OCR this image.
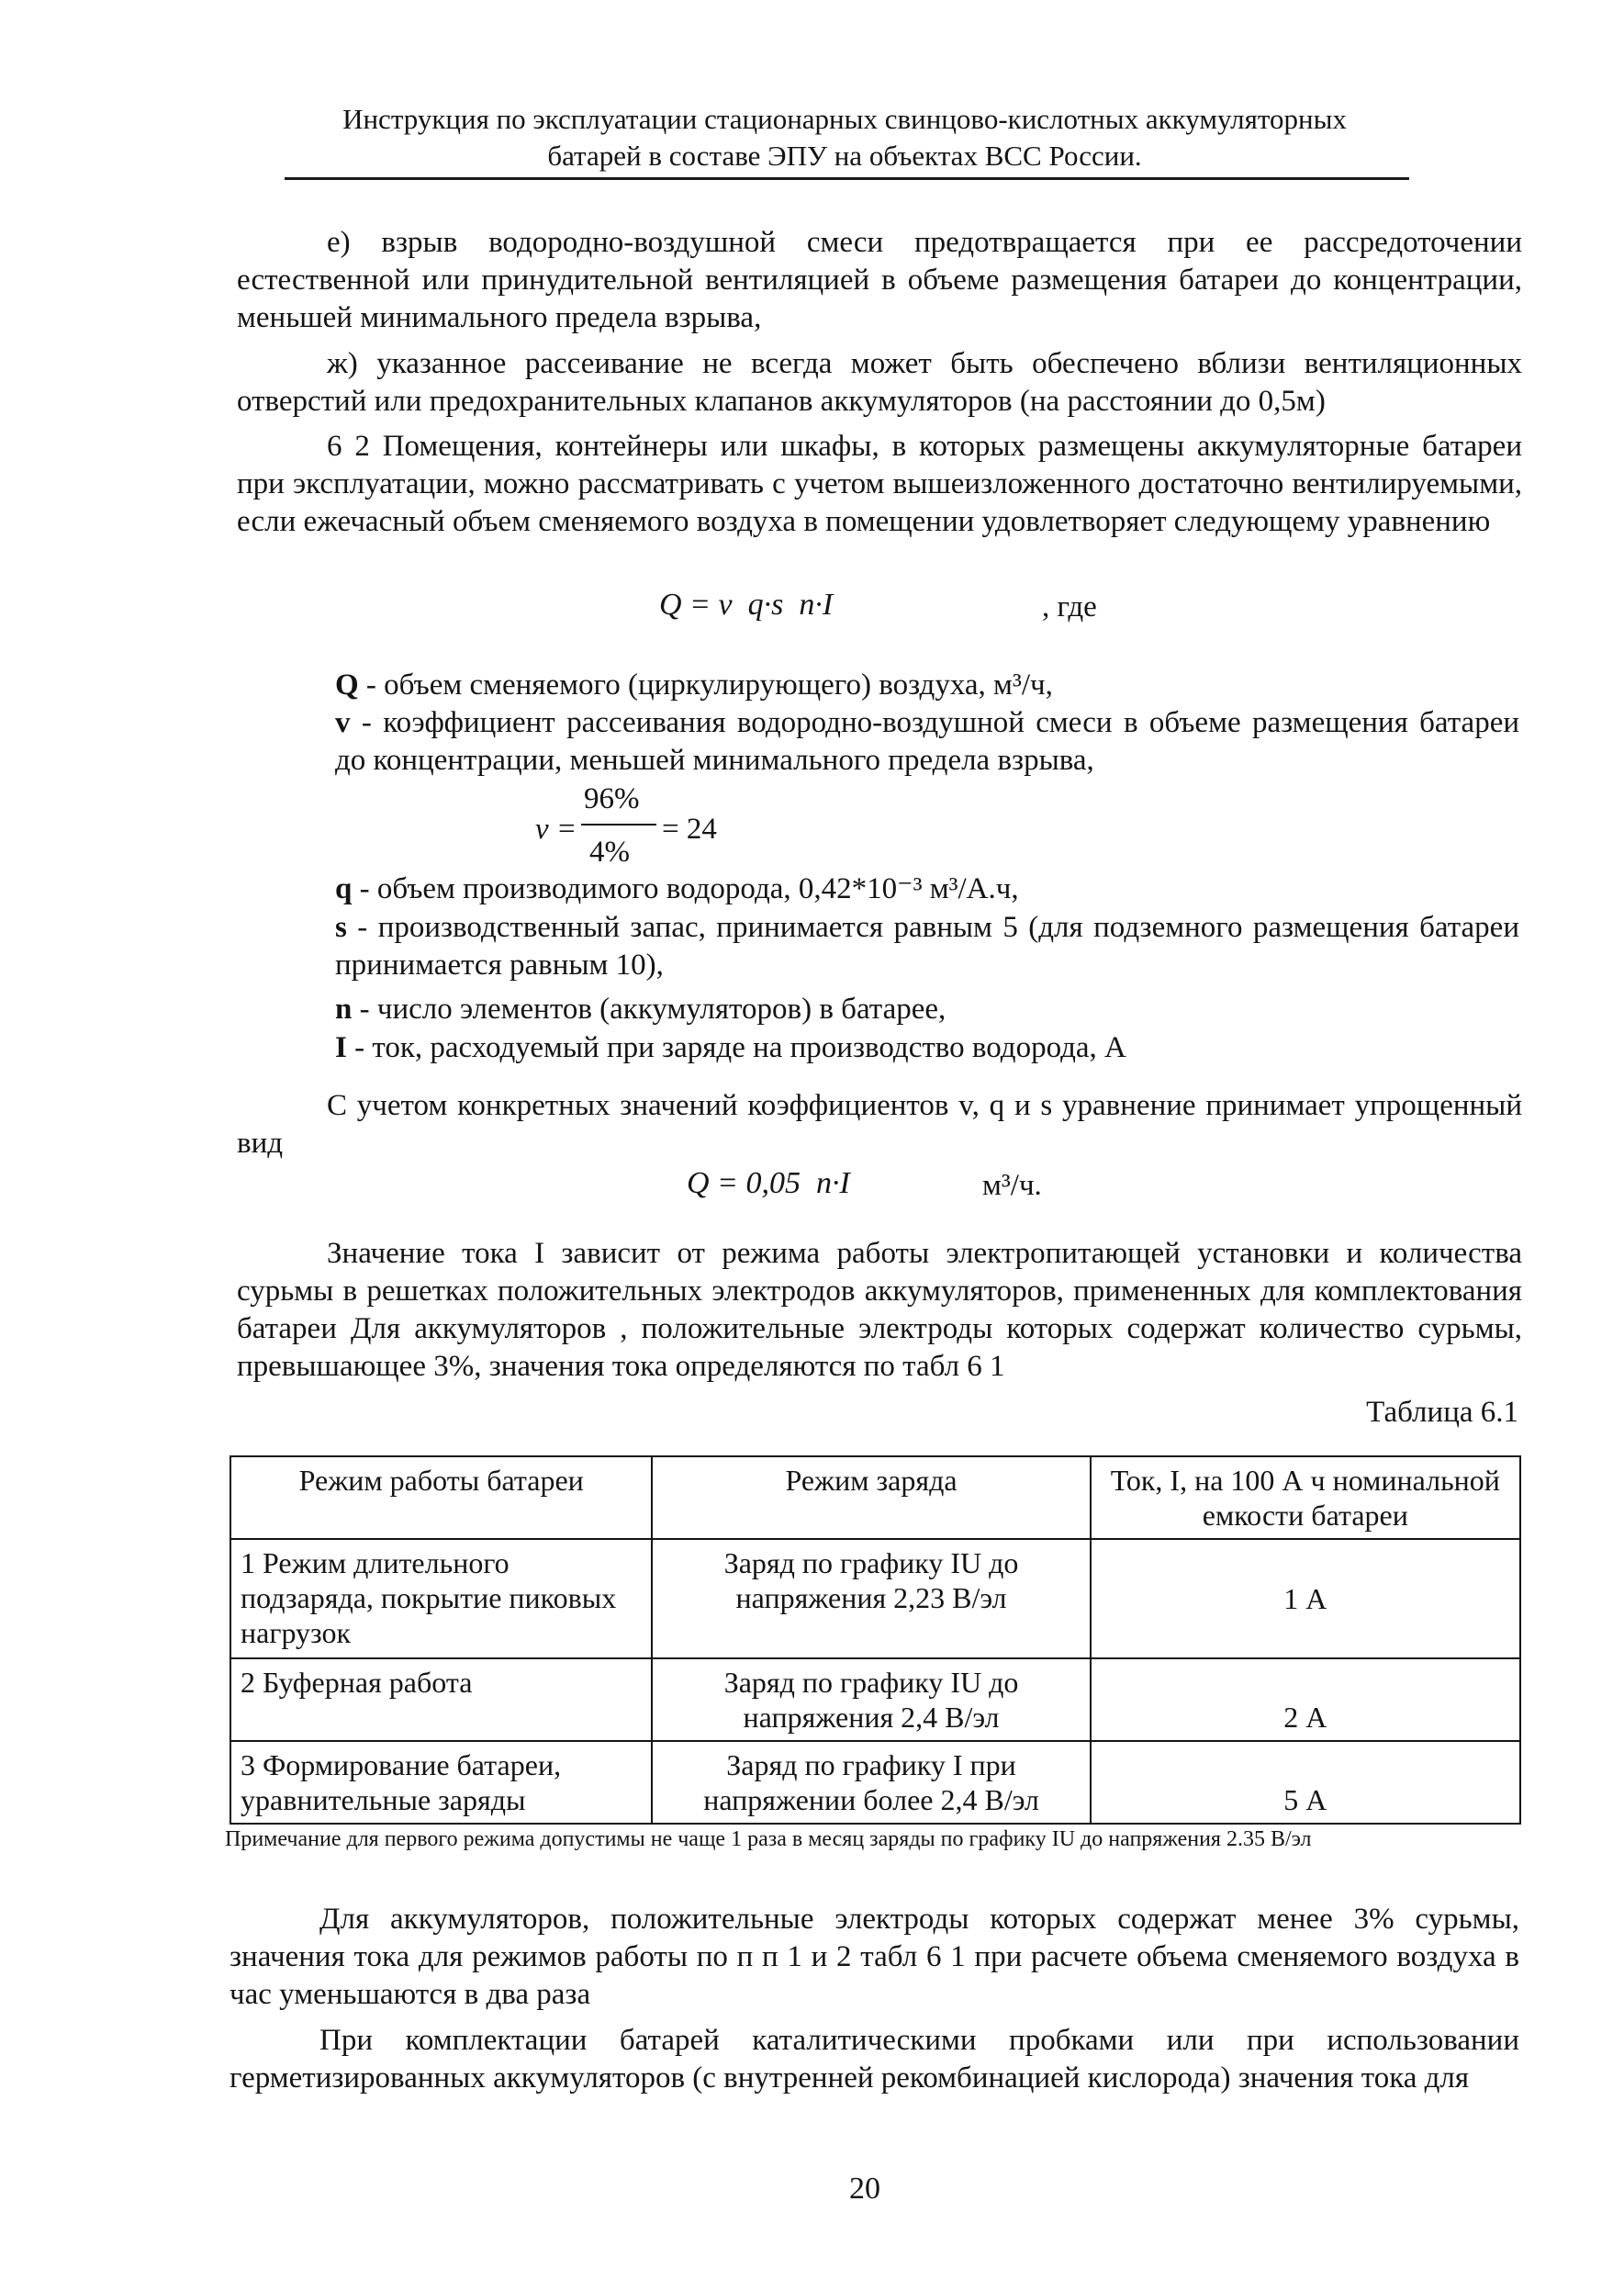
Инструкция по эксплуатации стационарных свинцово-кислотных аккумуляторных
батарей в составе ЭПУ на объектах ВСС России.

е) взрыв водородно-воздушной смеси предотвращается при ее рассредоточении естественной или принудительной вентиляцией в объеме размещения батареи до концентрации, меньшей минимального предела взрыва,

ж) указанное рассеивание не всегда может быть обеспечено вблизи вентиляционных отверстий или предохранительных клапанов аккумуляторов (на расстоянии до 0,5м)

6 2 Помещения, контейнеры или шкафы, в которых размещены аккумуляторные батареи при эксплуатации, можно рассматривать с учетом вышеизложенного достаточно вентилируемыми, если ежечасный объем сменяемого воздуха в помещении удовлетворяет следующему уравнению

Q = v  q·s  n·I	, где
Q - объем сменяемого (циркулирующего) воздуха, м³/ч,
v - коэффициент рассеивания водородно-воздушной смеси в объеме размещения батареи до концентрации, меньшей минимального предела взрыва,
v =
96%
4%
= 24
q - объем производимого водорода, 0,42*10⁻³ м³/А.ч,
s - производственный запас, принимается равным 5 (для подземного размещения батареи принимается равным 10),
n - число элементов (аккумуляторов) в батарее,
I - ток, расходуемый при заряде на производство водорода, А

С учетом конкретных значений коэффициентов v, q и s уравнение принимает упрощенный вид

Q = 0,05  n·I	м³/ч.

Значение тока I зависит от режима работы электропитающей установки и количества сурьмы в решетках положительных электродов аккумуляторов, примененных для комплектования батареи Для аккумуляторов , положительные электроды которых содержат количество сурьмы, превышающее 3%, значения тока определяются по табл 6 1

Таблица 6.1
Режим работы батареи	Режим заряда	Ток, I, на 100 А ч номинальной емкости батареи
1 Режим длительного подзаряда, покрытие пиковых нагрузок	Заряд по графику IU до напряжения 2,23 В/эл	1 А
2 Буферная работа	Заряд по графику IU до напряжения 2,4 В/эл	2 А
3 Формирование батареи, уравнительные заряды	Заряд по графику I при напряжении более 2,4 В/эл	5 А
Примечание для первого режима допустимы не чаще 1 раза в месяц заряды по графику IU до напряжения 2.35 В/эл

Для аккумуляторов, положительные электроды которых содержат менее 3% сурьмы, значения тока для режимов работы по п п 1 и 2 табл 6 1 при расчете объема сменяемого воздуха в час уменьшаются в два раза

При комплектации батарей каталитическими пробками или при использовании герметизированных аккумуляторов (с внутренней рекомбинацией кислорода) значения тока для

20
